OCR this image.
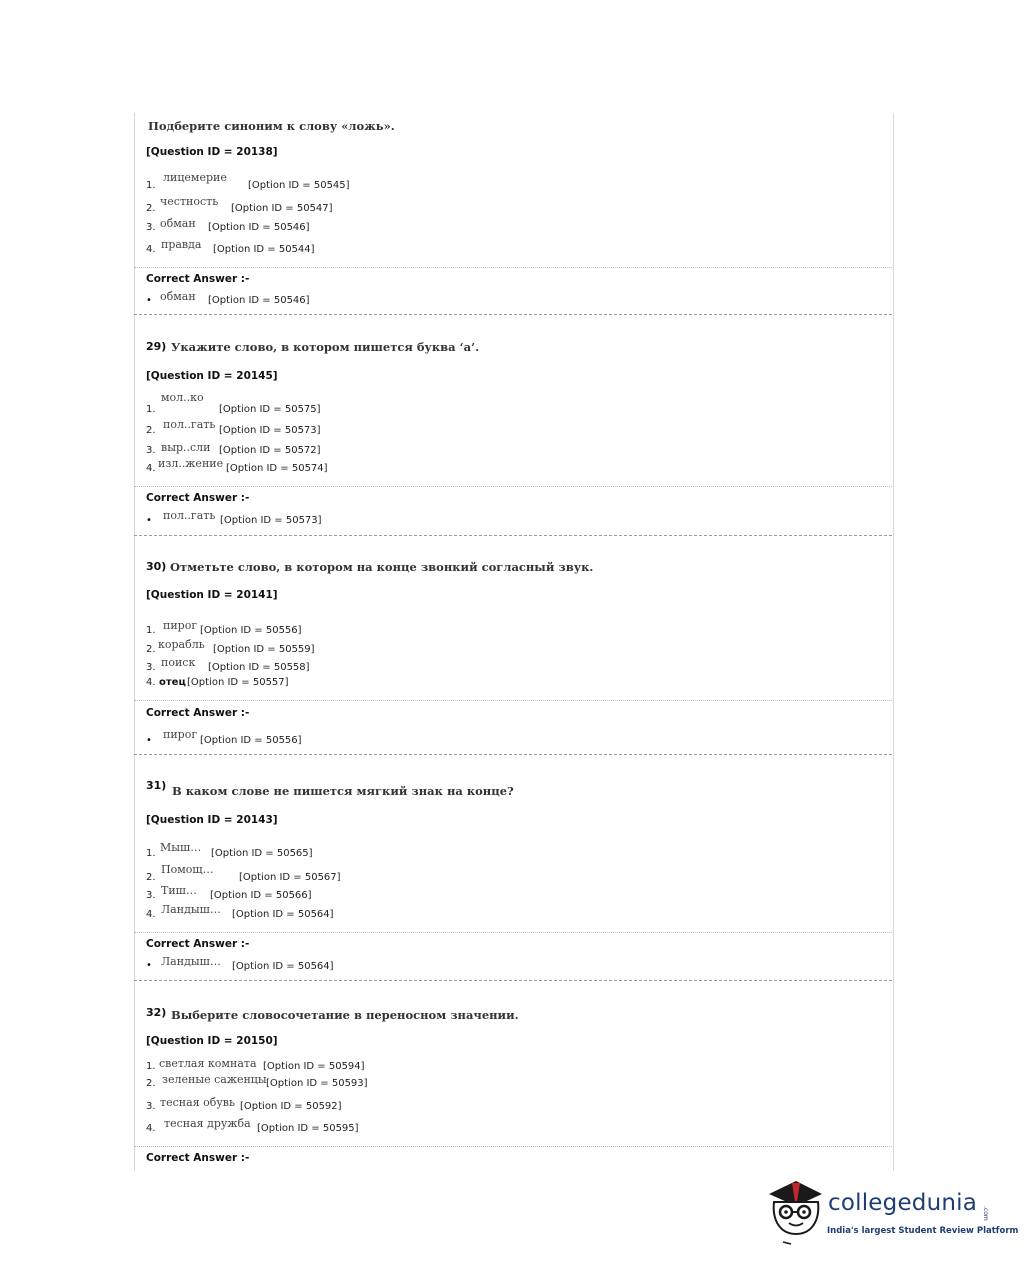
Подберите синоним к слову «ложь».
[Question ID = 20138]
1.
лицемерие
[Option ID = 50545]
2.
честность
[Option ID = 50547]
3. обман [Option ID = 50546]
4. правда [Option ID = 50544]
Correct Answer :-
• обман [Option ID = 50546]
29) Укажите слово, в котором пишется буква ‘а’.
[Question ID = 20145]
1.
мол..ко
[Option ID = 50575]
2. пол..гать [Option ID = 50573]
3. выр..сли [Option ID = 50572]
4. изл..жение [Option ID = 50574]
Correct Answer :-
• пол..гать [Option ID = 50573]
30) Отметьте слово, в котором на конце звонкий согласный звук.
[Question ID = 20141]
1. пирог [Option ID = 50556]
2. корабль [Option ID = 50559]
3. поиск [Option ID = 50558]
4. отец [Option ID = 50557]
Correct Answer :-
• пирог [Option ID = 50556]
31) В каком слове не пишется мягкий знак на конце?
[Question ID = 20143]
1. Мыш… [Option ID = 50565]
2.
Помощ…
[Option ID = 50567]
3. Тиш… [Option ID = 50566]
4. Ландыш… [Option ID = 50564]
Correct Answer :-
• Ландыш… [Option ID = 50564]
32) Выберите словосочетание в переносном значении.
[Question ID = 20150]
1. светлая комната [Option ID = 50594]
2. зеленые саженцы [Option ID = 50593]
3. тесная обувь [Option ID = 50592]
4. тесная дружба [Option ID = 50595]
Correct Answer :-
collegedunia .com
India's largest Student Review Platform
